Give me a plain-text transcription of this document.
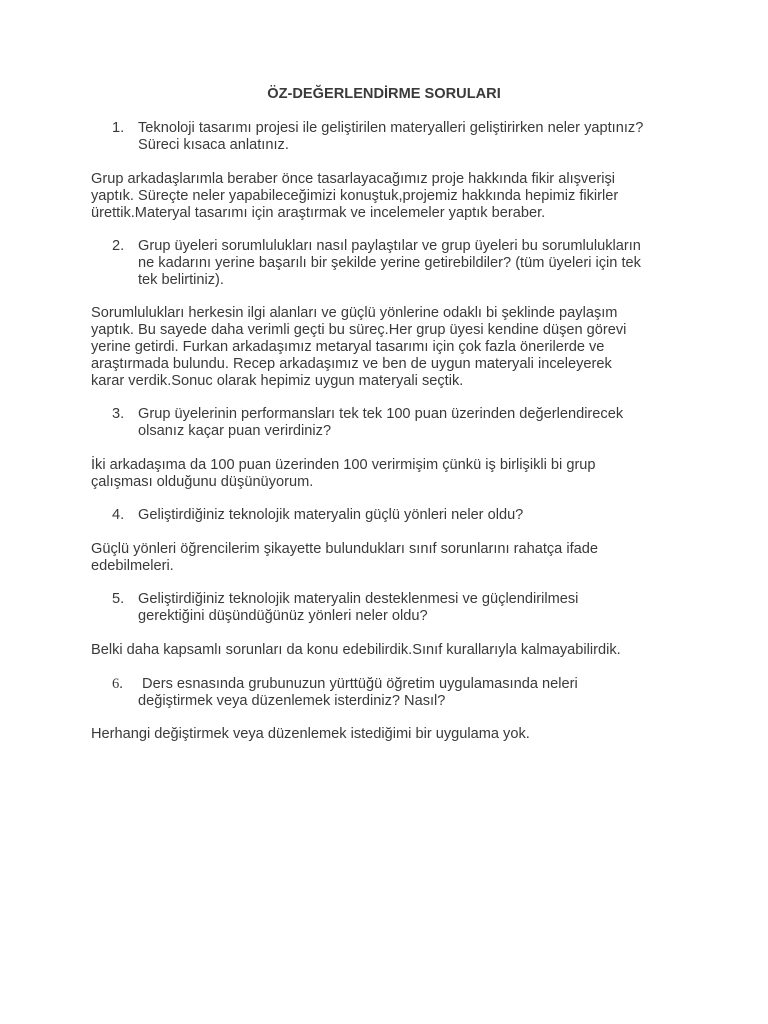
ÖZ-DEĞERLENDİRME SORULARI
1. Teknoloji tasarımı projesi ile geliştirilen materyalleri geliştirirken neler yaptınız?
Süreci kısaca anlatınız.
Grup arkadaşlarımla beraber önce tasarlayacağımız proje hakkında fikir alışverişi
yaptık. Süreçte neler yapabileceğimizi konuştuk,projemiz hakkında hepimiz fikirler
ürettik.Materyal tasarımı için araştırmak ve incelemeler yaptık beraber.
2. Grup üyeleri sorumlulukları nasıl paylaştılar ve grup üyeleri bu sorumlulukların
ne kadarını yerine başarılı bir şekilde yerine getirebildiler? (tüm üyeleri için tek
tek belirtiniz).
Sorumlulukları herkesin ilgi alanları ve güçlü yönlerine odaklı bi şeklinde paylaşım
yaptık. Bu sayede daha verimli geçti bu süreç.Her grup üyesi kendine düşen görevi
yerine getirdi. Furkan arkadaşımız metaryal tasarımı için çok fazla önerilerde ve
araştırmada bulundu. Recep arkadaşımız ve ben de uygun materyali inceleyerek
karar verdik.Sonuc olarak hepimiz uygun materyali seçtik.
3. Grup üyelerinin performansları tek tek 100 puan üzerinden değerlendirecek
olsanız kaçar puan verirdiniz?
İki arkadaşıma da 100 puan üzerinden 100 verirmişim çünkü iş birlişikli bi grup
çalışması olduğunu düşünüyorum.
4. Geliştirdiğiniz teknolojik materyalin güçlü yönleri neler oldu?
Güçlü yönleri öğrencilerim şikayette bulundukları sınıf sorunlarını rahatça ifade
edebilmeleri.
5. Geliştirdiğiniz teknolojik materyalin desteklenmesi ve güçlendirilmesi
gerektiğini düşündüğünüz yönleri neler oldu?
Belki daha kapsamlı sorunları da konu edebilirdik.Sınıf kurallarıyla kalmayabilirdik.
6.	Ders esnasında grubunuzun yürttüğü öğretim uygulamasında neleri
değiştirmek veya düzenlemek isterdiniz? Nasıl?
Herhangi değiştirmek veya düzenlemek istediğimi bir uygulama yok.
